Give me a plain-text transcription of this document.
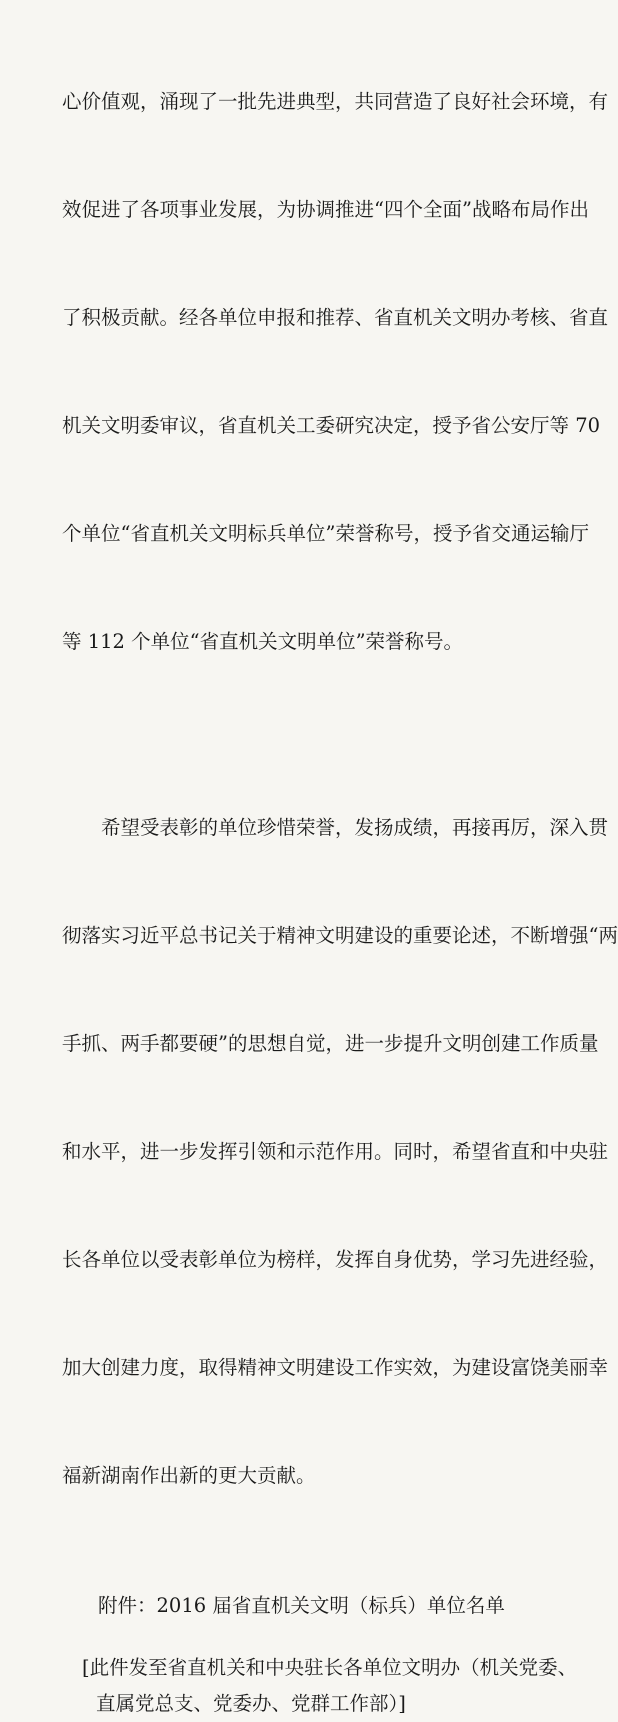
心价值观，涌现了一批先进典型，共同营造了良好社会环境，有

效促进了各项事业发展，为协调推进“四个全面”战略布局作出

了积极贡献。经各单位申报和推荐、省直机关文明办考核、省直

机关文明委审议，省直机关工委研究决定，授予省公安厅等 70

个单位“省直机关文明标兵单位”荣誉称号，授予省交通运输厅

等 112 个单位“省直机关文明单位”荣誉称号。

　　希望受表彰的单位珍惜荣誉，发扬成绩，再接再厉，深入贯

彻落实习近平总书记关于精神文明建设的重要论述，不断增强“两

手抓、两手都要硬”的思想自觉，进一步提升文明创建工作质量

和水平，进一步发挥引领和示范作用。同时，希望省直和中央驻

长各单位以受表彰单位为榜样，发挥自身优势，学习先进经验，

加大创建力度，取得精神文明建设工作实效，为建设富饶美丽幸

福新湖南作出新的更大贡献。

附件：2016 届省直机关文明（标兵）单位名单
[此件发至省直机关和中央驻长各单位文明办（机关党委、
直属党总支、党委办、党群工作部）]
